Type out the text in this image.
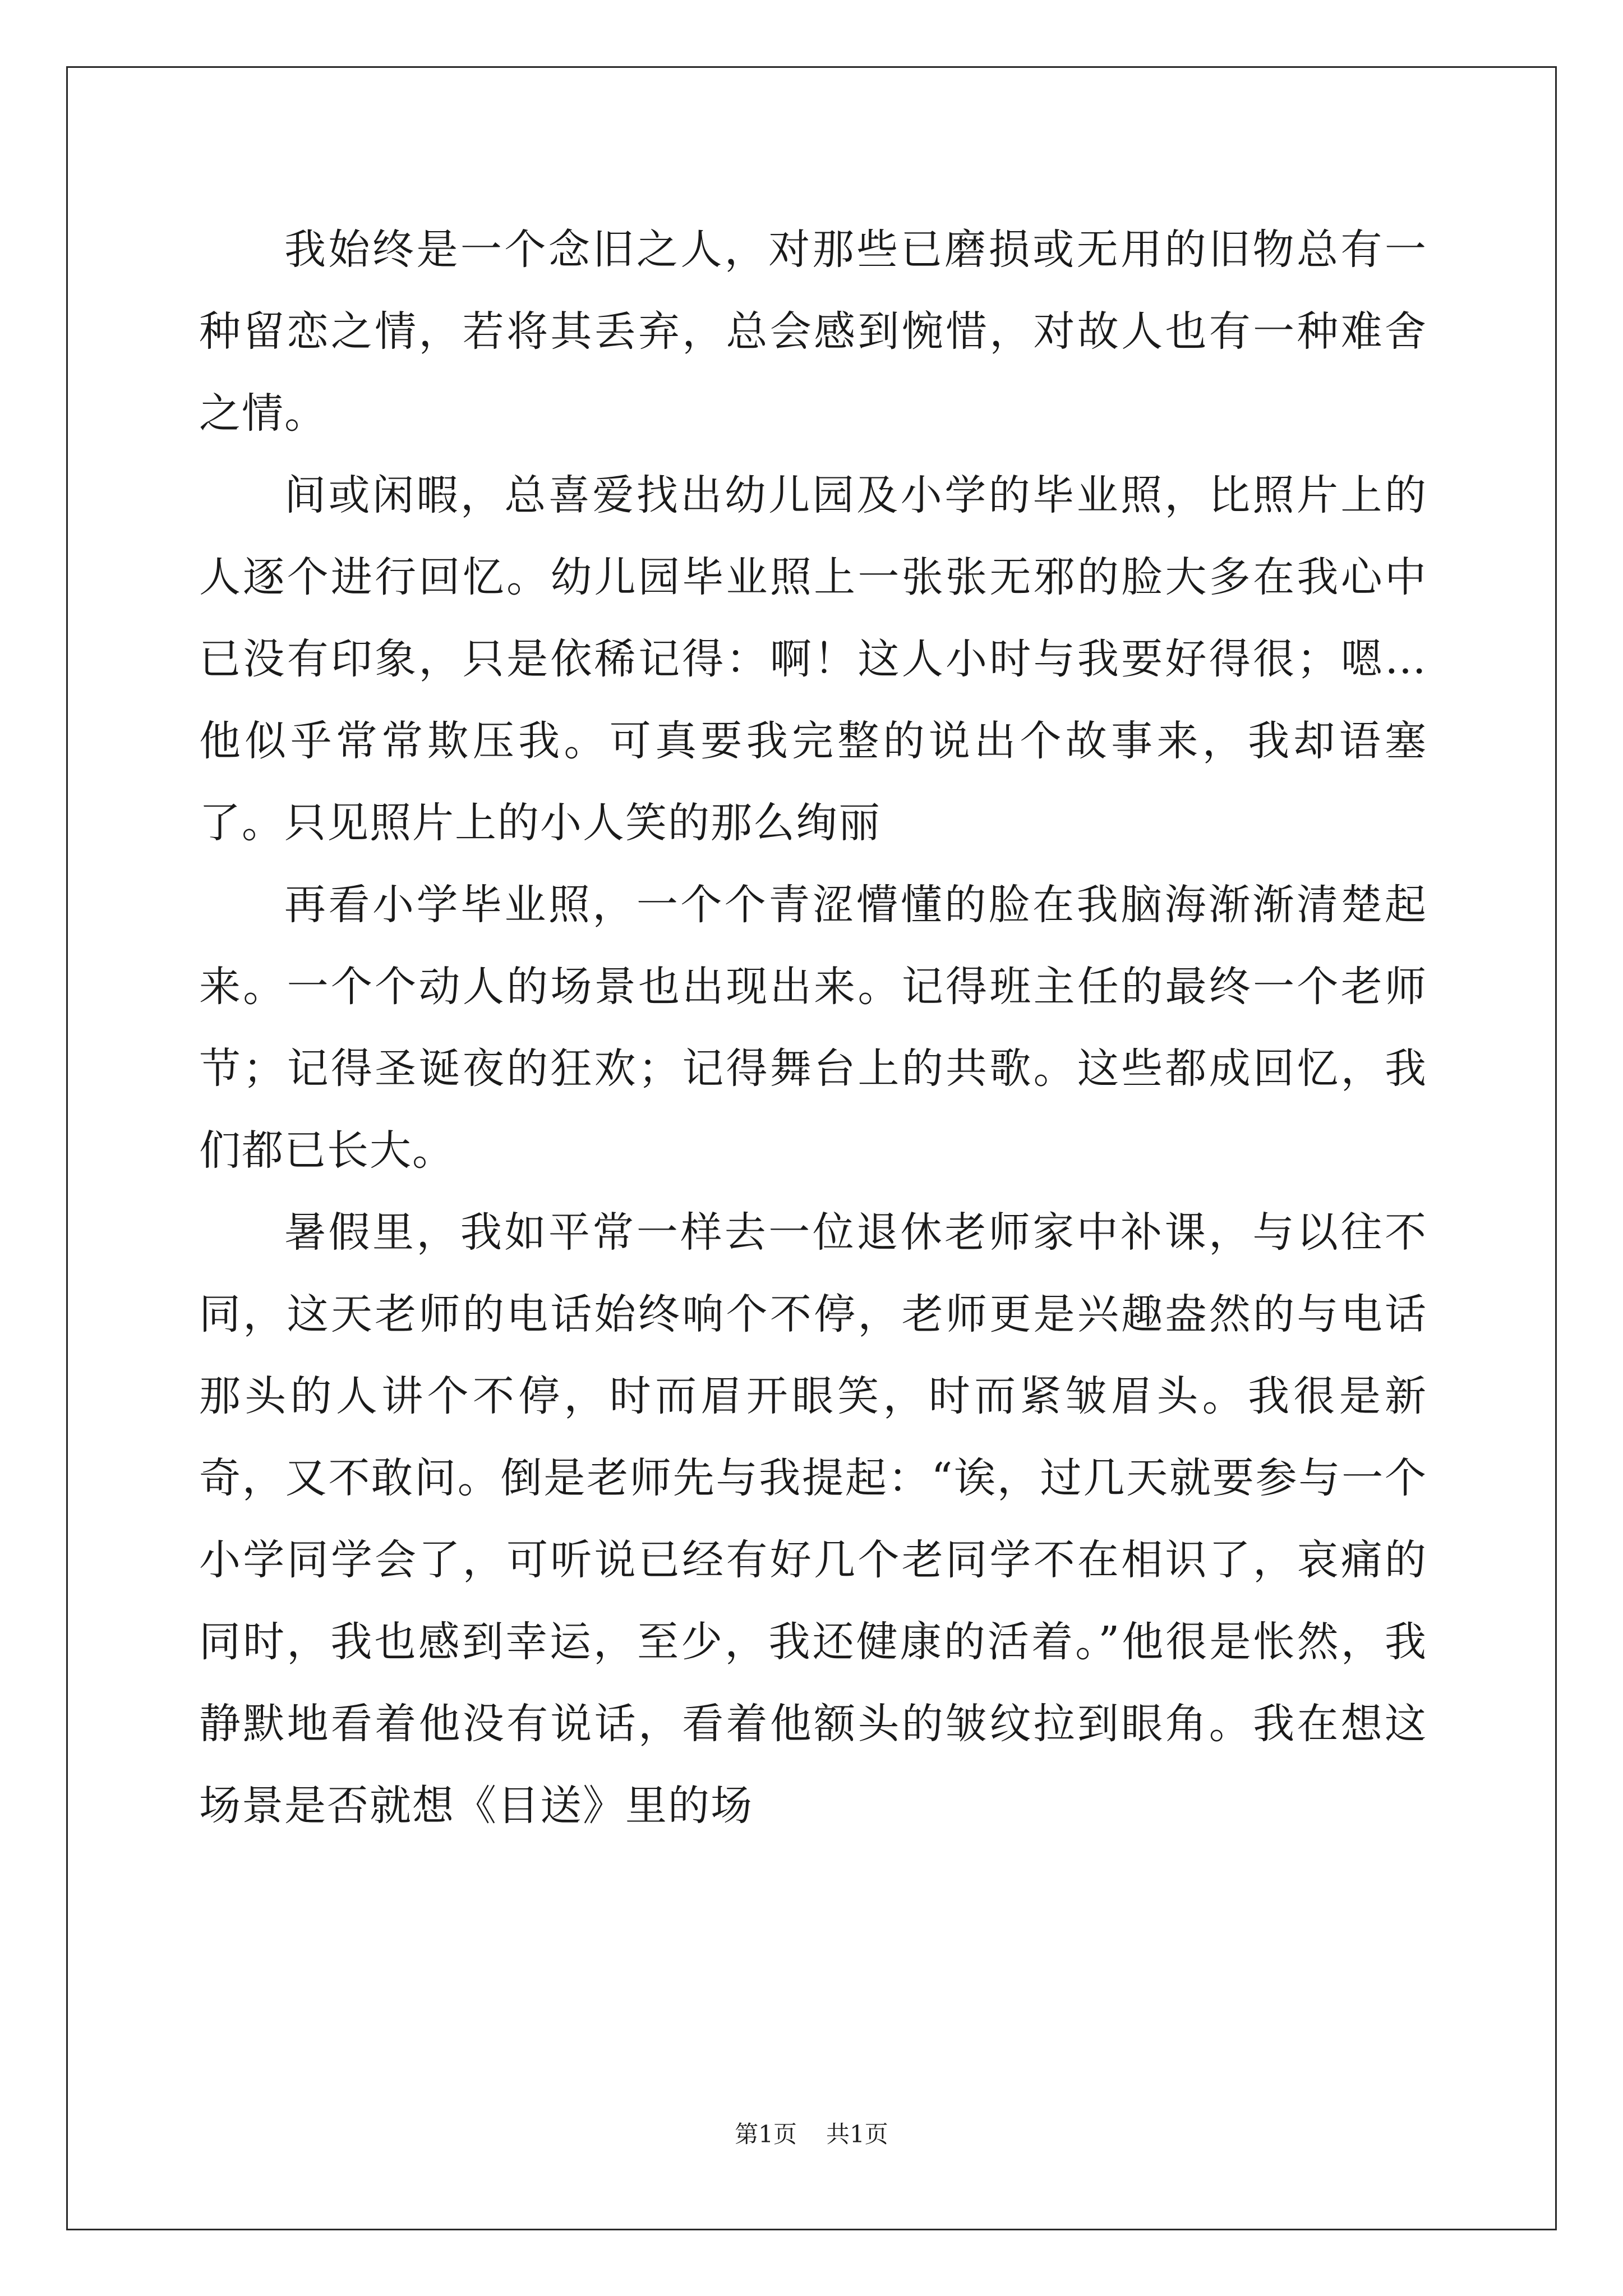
我始终是一个念旧之人，对那些已磨损或无用的旧物总有一种留恋之情，若将其丢弃，总会感到惋惜，对故人也有一种难舍之情。

间或闲暇，总喜爱找出幼儿园及小学的毕业照，比照片上的人逐个进行回忆。幼儿园毕业照上一张张无邪的脸大多在我心中已没有印象，只是依稀记得：啊！这人小时与我要好得很；嗯…他似乎常常欺压我。可真要我完整的说出个故事来，我却语塞了。只见照片上的小人笑的那么绚丽

再看小学毕业照，一个个青涩懵懂的脸在我脑海渐渐清楚起来。一个个动人的场景也出现出来。记得班主任的最终一个老师节；记得圣诞夜的狂欢；记得舞台上的共歌。这些都成回忆，我们都已长大。

暑假里，我如平常一样去一位退休老师家中补课，与以往不同，这天老师的电话始终响个不停，老师更是兴趣盎然的与电话那头的人讲个不停，时而眉开眼笑，时而紧皱眉头。我很是新奇，又不敢问。倒是老师先与我提起：“诶，过几天就要参与一个小学同学会了，可听说已经有好几个老同学不在相识了，哀痛的同时，我也感到幸运，至少，我还健康的活着。”他很是怅然，我静默地看着他没有说话，看着他额头的皱纹拉到眼角。我在想这场景是否就想《目送》里的场

第1页 共1页
